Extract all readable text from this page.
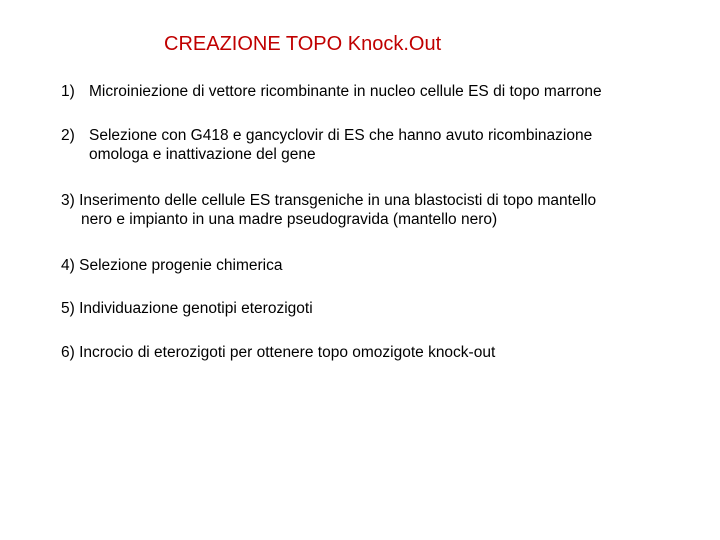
CREAZIONE TOPO Knock.Out
1) Microiniezione di vettore ricombinante in nucleo cellule ES di topo marrone
2) Selezione con G418 e gancyclovir di ES che hanno avuto ricombinazione
omologa e inattivazione del gene
3) Inserimento delle cellule ES transgeniche in una blastocisti di topo mantello
nero e impianto in una madre pseudogravida (mantello nero)
4) Selezione progenie chimerica
5) Individuazione genotipi eterozigoti
6) Incrocio di eterozigoti per ottenere topo omozigote knock-out
